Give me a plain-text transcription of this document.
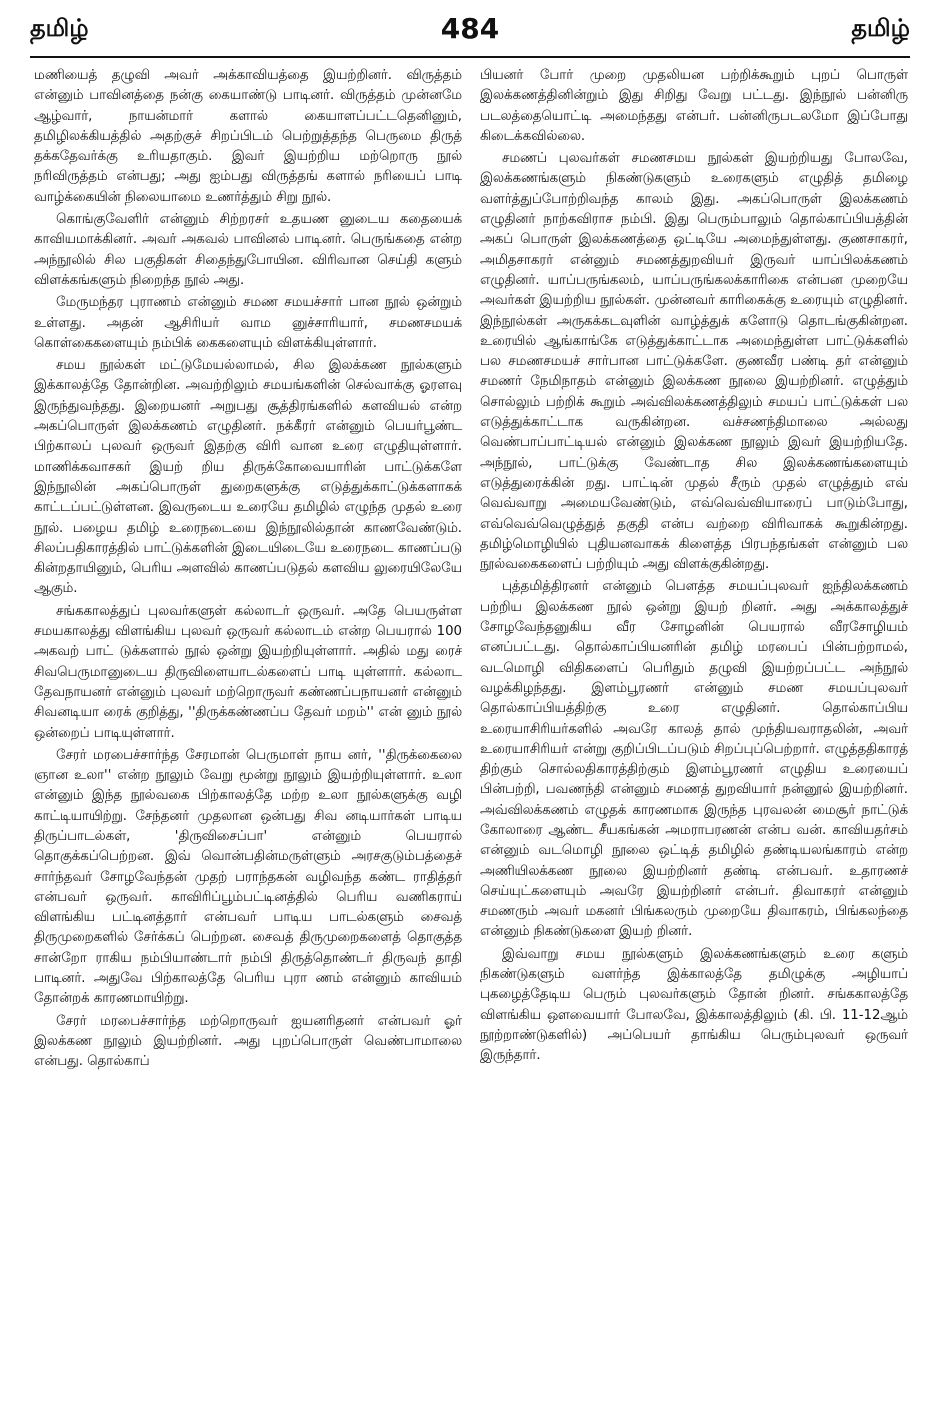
தமிழ்	484	தமிழ்

மணியைத் தழுவி அவர் அக்காவியத்தை இயற்றினர். விருத்தம் என்னும் பாவினத்தை நன்கு கையாண்டு பாடினர். விருத்தம் முன்னமே ஆழ்வார், நாயன்மார் களால் கையாளப்பட்டதெனினும், தமிழிலக்கியத்தில் அதற்குச் சிறப்பிடம் பெற்றுத்தந்த பெருமை திருத் தக்கதேவர்க்கு உரியதாகும். இவர் இயற்றிய மற்றொரு நூல் நரிவிருத்தம் என்பது; அது ஐம்பது விருத்தங் களால் நரியைப் பாடி வாழ்க்கையின் நிலையாமை உணர்த்தும் சிறு நூல்.

கொங்குவேளிர் என்னும் சிற்றரசர் உதயண னுடைய கதையைக் காவியமாக்கினர். அவர் அகவல் பாவினல் பாடினர். பெருங்கதை என்ற அந்நூலில் சில பகுதிகள் சிதைந்துபோயின. விரிவான செய்தி களும் விளக்கங்களும் நிறைந்த நூல் அது.

மேருமந்தர புராணம் என்னும் சமண சமயச்சார் பான நூல் ஒன்றும் உள்ளது. அதன் ஆசிரியர் வாம னுச்சாரியார், சமணசமயக் கொள்கைகளையும் நம்பிக் கைகளையும் விளக்கியுள்ளார்.

சமய நூல்கள் மட்டுமேயல்லாமல், சில இலக்கண நூல்களும் இக்காலத்தே தோன்றின. அவற்றிலும் சமயங்களின் செல்வாக்கு ஓரளவு இருந்துவந்தது. இறையனர் அறுபது சூத்திரங்களில் களவியல் என்ற அகப்பொருள் இலக்கணம் எழுதினர். நக்கீரர் என்னும் பெயர்பூண்ட பிற்காலப் புலவர் ஒருவர் இதற்கு விரி வான உரை எழுதியுள்ளார். மாணிக்கவாசகர் இயற் றிய திருக்கோவையாரின் பாட்டுக்களே இந்நூலின் அகப்பொருள் துறைகளுக்கு எடுத்துக்காட்டுக்களாகக் காட்டப்பட்டுள்ளன. இவருடைய உரையே தமிழில் எழுந்த முதல் உரை நூல். பழைய தமிழ் உரைநடையை இந்நூலில்தான் காணவேண்டும். சிலப்பதிகாரத்தில் பாட்டுக்களின் இடையிடையே உரைநடை காணப்படு கின்றதாயினும், பெரிய அளவில் காணப்படுதல் களவிய லுரையிலேயே ஆகும்.

சங்ககாலத்துப் புலவர்களுள் கல்லாடர் ஒருவர். அதே பெயருள்ள சமயகாலத்து விளங்கிய புலவர் ஒருவர் கல்லாடம் என்ற பெயரால் 100 அகவற் பாட் டுக்களால் நூல் ஒன்று இயற்றியுள்ளார். அதில் மது ரைச் சிவபெருமானுடைய திருவிளையாடல்களைப் பாடி யுள்ளார். கல்லாட தேவநாயனர் என்னும் புலவர் மற்றொருவர் கண்ணப்பநாயனர் என்னும் சிவனடியா ரைக் குறித்து, ''திருக்கண்ணப்ப தேவர் மறம்'' என் னும் நூல் ஒன்றைப் பாடியுள்ளார்.

சேரர் மரபைச்சார்ந்த சேரமான் பெருமாள் நாய னர், ''திருக்கைலை ஞான உலா'' என்ற நூலும் வேறு மூன்று நூலும் இயற்றியுள்ளார். உலா என்னும் இந்த நூல்வகை பிற்காலத்தே மற்ற உலா நூல்களுக்கு வழி காட்டியாயிற்று. சேந்தனர் முதலான ஒன்பது சிவ னடியார்கள் பாடிய திருப்பாடல்கள், 'திருவிசைப்பா' என்னும் பெயரால் தொகுக்கப்பெற்றன. இவ் வொன்பதின்மருள்ளும் அரசகுடும்பத்தைச் சார்ந்தவர் சோழவேந்தன் முதற் பராந்தகன் வழிவந்த கண்ட ராதித்தர் என்பவர் ஒருவர். காவிரிப்பூம்பட்டினத்தில் பெரிய வணிகராய் விளங்கிய பட்டினத்தார் என்பவர் பாடிய பாடல்களும் சைவத் திருமுறைகளில் சேர்க்கப் பெற்றன. சைவத் திருமுறைகளைத் தொகுத்த சான்றோ ராகிய நம்பியாண்டார் நம்பி திருத்தொண்டர் திருவந் தாதி பாடினர். அதுவே பிற்காலத்தே பெரிய புரா ணம் என்னும் காவியம் தோன்றக் காரணமாயிற்று.

சேரர் மரபைச்சார்ந்த மற்றொருவர் ஐயனரிதனர் என்பவர் ஓர் இலக்கண நூலும் இயற்றினர். அது புறப்பொருள் வெண்பாமாலை என்பது. தொல்காப்

பியனர் போர் முறை முதலியன பற்றிக்கூறும் புறப் பொருள் இலக்கணத்தினின்றும் இது சிறிது வேறு பட்டது. இந்நூல் பன்னிரு படலத்தையொட்டி அமைந்தது என்பர். பன்னிருபடலமோ இப்போது கிடைக்கவில்லை.

சமணப் புலவர்கள் சமணசமய நூல்கள் இயற்றியது போலவே, இலக்கணங்களும் நிகண்டுகளும் உரைகளும் எழுதித் தமிழை வளர்த்துப்போற்றிவந்த காலம் இது. அகப்பொருள் இலக்கணம் எழுதினர் நாற்கவிராச நம்பி. இது பெரும்பாலும் தொல்காப்பியத்தின் அகப் பொருள் இலக்கணத்தை ஒட்டியே அமைந்துள்ளது. குணசாகரர், அமிதசாகரர் என்னும் சமணத்துறவியர் இருவர் யாப்பிலக்கணம் எழுதினர். யாப்பருங்கலம், யாப்பருங்கலக்காரிகை என்பன முறையே அவர்கள் இயற்றிய நூல்கள். முன்னவர் காரிகைக்கு உரையும் எழுதினர். இந்நூல்கள் அருகக்கடவுளின் வாழ்த்துக் களோடு தொடங்குகின்றன. உரையில் ஆங்காங்கே எடுத்துக்காட்டாக அமைந்துள்ள பாட்டுக்களில் பல சமணசமயச் சார்பான பாட்டுக்களே. குணவீர பண்டி தர் என்னும் சமணர் நேமிநாதம் என்னும் இலக்கண நூலை இயற்றினர். எழுத்தும் சொல்லும் பற்றிக் கூறும் அவ்விலக்கணத்திலும் சமயப் பாட்டுக்கள் பல எடுத்துக்காட்டாக வருகின்றன. வச்சணந்திமாலை அல்லது வெண்பாப்பாட்டியல் என்னும் இலக்கண நூலும் இவர் இயற்றியதே. அந்நூல், பாட்டுக்கு வேண்டாத சில இலக்கணங்களையும் எடுத்துரைக்கின் றது. பாட்டின் முதல் சீரும் முதல் எழுத்தும் எவ் வெவ்வாறு அமையவேண்டும், எவ்வெவ்வியாரைப் பாடும்போது, எவ்வெவ்வெழுத்துத் தகுதி என்ப வற்றை விரிவாகக் கூறுகின்றது. தமிழ்மொழியில் புதியனவாகக் கிளைத்த பிரபந்தங்கள் என்னும் பல நூல்வகைகளைப் பற்றியும் அது விளக்குகின்றது.

புத்தமித்திரனர் என்னும் பௌத்த சமயப்புலவர் ஐந்திலக்கணம் பற்றிய இலக்கண நூல் ஒன்று இயற் றினர். அது அக்காலத்துச் சோழவேந்தனுகிய வீர சோழனின் பெயரால் வீரசோழியம் எனப்பட்டது. தொல்காப்பியனரின் தமிழ் மரபைப் பின்பற்றாமல், வடமொழி விதிகளைப் பெரிதும் தழுவி இயற்றப்பட்ட அந்நூல் வழக்கிழந்தது. இளம்பூரணர் என்னும் சமண சமயப்புலவர் தொல்காப்பியத்திற்கு உரை எழுதினர். தொல்காப்பிய உரையாசிரியர்களில் அவரே காலத் தால் முந்தியவராதலின், அவர் உரையாசிரியர் என்று குறிப்பிடப்படும் சிறப்புப்பெற்றார். எழுத்ததிகாரத் திற்கும் சொல்லதிகாரத்திற்கும் இளம்பூரணர் எழுதிய உரையைப் பின்பற்றி, பவணந்தி என்னும் சமணத் துறவியார் நன்னூல் இயற்றினர். அவ்விலக்கணம் எழுதக் காரணமாக இருந்த புரவலன் மைசூர் நாட்டுக் கோலாரை ஆண்ட சீயகங்கன் அமராபரணன் என்ப வன். காவியதர்சம் என்னும் வடமொழி நூலை ஒட்டித் தமிழில் தண்டியலங்காரம் என்ற அணியிலக்கண நூலை இயற்றினர் தண்டி என்பவர். உதாரணச் செய்யுட்களையும் அவரே இயற்றினர் என்பர். திவாகரர் என்னும் சமணரும் அவர் மகனர் பிங்கலரும் முறையே திவாகரம், பிங்கலந்தை என்னும் நிகண்டுகளை இயற் றினர்.

இவ்வாறு சமய நூல்களும் இலக்கணங்களும் உரை களும் நிகண்டுகளும் வளர்ந்த இக்காலத்தே தமிழுக்கு அழியாப் புகழைத்தேடிய பெரும் புலவர்களும் தோன் றினர். சங்ககாலத்தே விளங்கிய ஔவையார் போலவே, இக்காலத்திலும் (கி. பி. 11-12ஆம் நூற்றாண்டுகளில்) அப்பெயர் தாங்கிய பெரும்புலவர் ஒருவர் இருந்தார்.
